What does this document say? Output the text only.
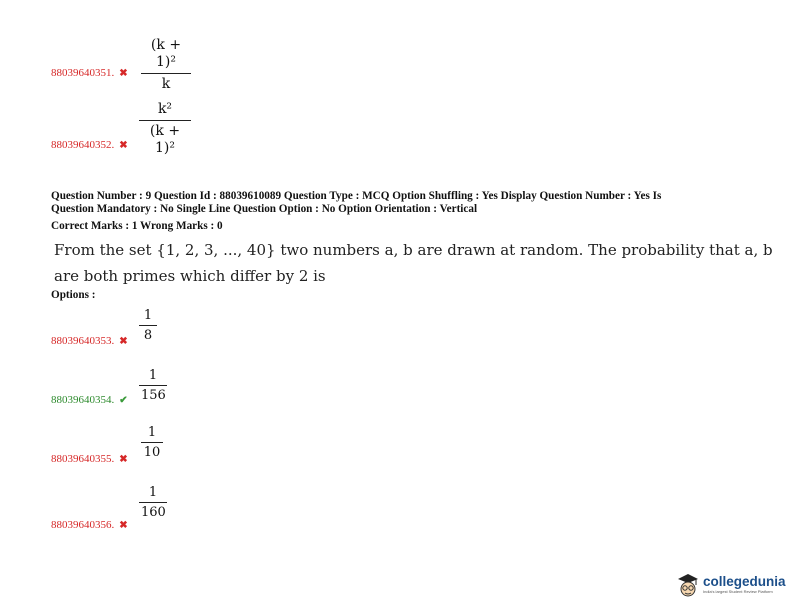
(k + 1)²
k
88039640351. ✖
k²
(k + 1)²
88039640352. ✖
Question Number : 9 Question Id : 88039610089 Question Type : MCQ Option Shuffling : Yes Display Question Number : Yes Is
Question Mandatory : No Single Line Question Option : No Option Orientation : Vertical
Correct Marks : 1 Wrong Marks : 0
From the set {1, 2, 3, ..., 40} two numbers a, b are drawn at random. The probability that a, b
are both primes which differ by 2 is
Options :
1
8
88039640353. ✖
1
156
88039640354. ✔
1
10
88039640355. ✖
1
160
88039640356. ✖
collegedunia
India's largest Student Review Platform
